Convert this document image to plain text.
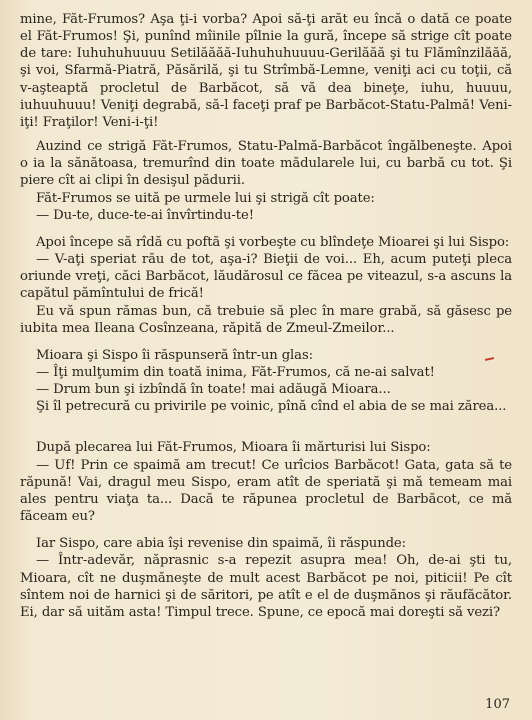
mine, Făt-Frumos? Aşa ţi-i vorba? Apoi să-ţi arăt eu încă o dată ce poate el Făt-Frumos! Şi, punînd mîinile pîlnie la gură, începe să strige cît poate de tare: Iuhuhuhuuuu Setilăăăă-Iuhuhuhuuuu-Gerilăăă şi tu Flămînzilăăă, şi voi, Sfarmă-Piatră, Păsărilă, şi tu Strîmbă-Lemne, veniţi aci cu toţii, că v-aşteaptă procletul de Barbăcot, să vă dea bineţe, iuhu, huuuu, iuhuuhuuu! Veniţi degrabă, să-l faceţi praf pe Barbăcot-Statu-Palmă! Veni-iţi! Fraţilor! Veni-i-ţi!

Auzind ce strigă Făt-Frumos, Statu-Palmă-Barbăcot îngălbeneşte. Apoi o ia la sănătoasa, tremurînd din toate mădularele lui, cu barbă cu tot. Şi piere cît ai clipi în desişul pădurii.

Făt-Frumos se uită pe urmele lui şi strigă cît poate:

— Du-te, duce-te-ai învîrtindu-te!

Apoi începe să rîdă cu poftă şi vorbeşte cu blîndeţe Mioarei şi lui Sispo:

— V-aţi speriat rău de tot, aşa-i? Bieţii de voi... Eh, acum puteţi pleca oriunde vreţi, căci Barbăcot, lăudărosul ce făcea pe viteazul, s-a ascuns la capătul pămîntului de frică!

Eu vă spun rămas bun, că trebuie să plec în mare grabă, să găsesc pe iubita mea Ileana Cosînzeana, răpită de Zmeul-Zmeilor...

Mioara şi Sispo îi răspunseră într-un glas:

— Îţi mulţumim din toată inima, Făt-Frumos, că ne-ai salvat!

— Drum bun şi izbîndă în toate! mai adăugă Mioara...

Şi îl petrecură cu privirile pe voinic, pînă cînd el abia de se mai zărea...

După plecarea lui Făt-Frumos, Mioara îi mărturisi lui Sispo:

— Uf! Prin ce spaimă am trecut! Ce urîcios Barbăcot! Gata, gata să te răpună! Vai, dragul meu Sispo, eram atît de speriată şi mă temeam mai ales pentru viaţa ta... Dacă te răpunea procletul de Barbăcot, ce mă făceam eu?

Iar Sispo, care abia îşi revenise din spaimă, îi răspunde:

— Într-adevăr, năprasnic s-a repezit asupra mea! Oh, de-ai şti tu, Mioara, cît ne duşmăneşte de mult acest Barbăcot pe noi, piticii! Pe cît sîntem noi de harnici şi de săritori, pe atît e el de duşmănos şi răufăcător. Ei, dar să uităm asta! Timpul trece. Spune, ce epocă mai doreşti să vezi?

107
